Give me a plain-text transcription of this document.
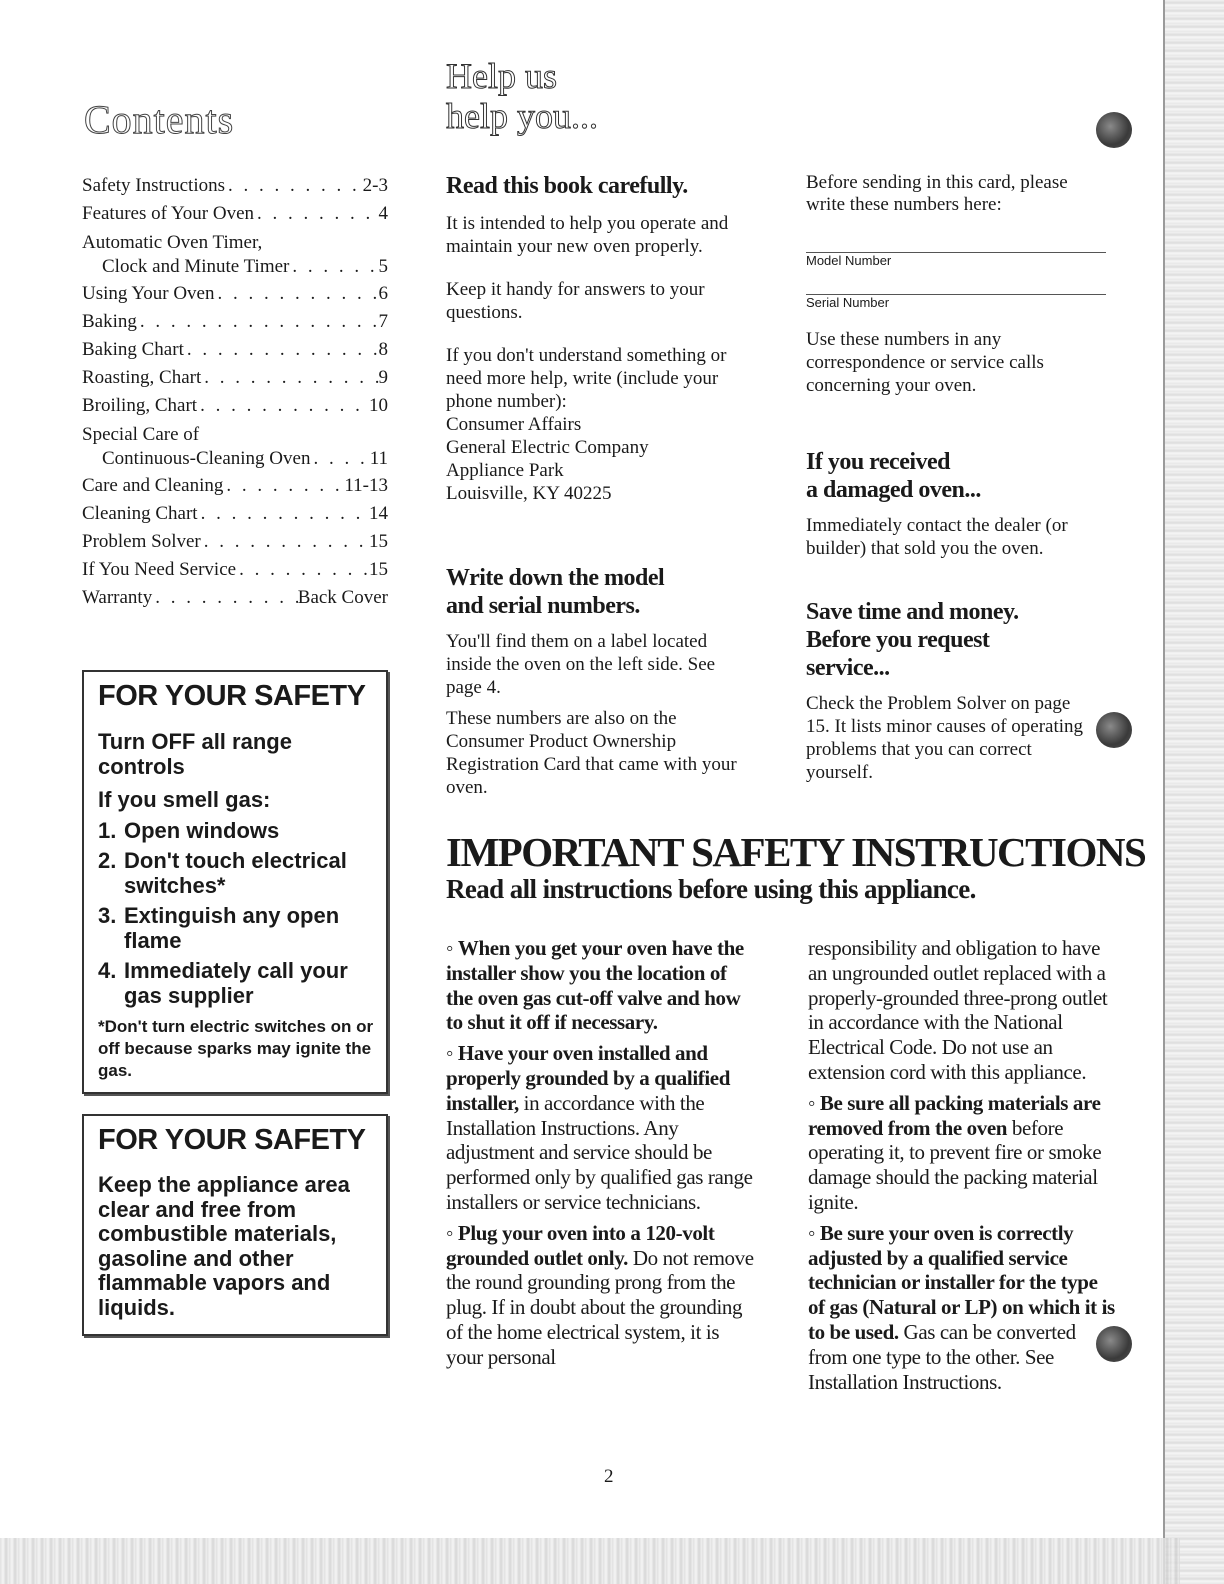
Contents
Safety Instructions . . .	2-3
Features of Your Oven . . .	4
Automatic Oven Timer,
Clock and Minute Timer . . .	5
Using Your Oven . . .	6
Baking . . .	7
Baking Chart . . .	8
Roasting, Chart . . .	9
Broiling, Chart . . .	10
Special Care of
Continuous-Cleaning Oven . . .	11
Care and Cleaning . . .	11-13
Cleaning Chart . . .	14
Problem Solver . . .	15
If You Need Service . . .	15
Warranty . . .	Back Cover
FOR YOUR SAFETY
Turn OFF all range controls
If you smell gas:
1. Open windows
2. Don't touch electrical switches*
3. Extinguish any open flame
4. Immediately call your gas supplier
*Don't turn electric switches on or off because sparks may ignite the gas.
FOR YOUR SAFETY
Keep the appliance area clear and free from combustible materials, gasoline and other flammable vapors and liquids.
Help us
help you...
Read this book carefully.
It is intended to help you operate and maintain your new oven properly.
Keep it handy for answers to your questions.
If you don't understand something or need more help, write (include your phone number):
Consumer Affairs
General Electric Company
Appliance Park
Louisville, KY 40225
Write down the model
and serial numbers.
You'll find them on a label located inside the oven on the left side. See page 4.
These numbers are also on the Consumer Product Ownership Registration Card that came with your oven.
Before sending in this card, please write these numbers here:
Model Number
Serial Number
Use these numbers in any correspondence or service calls concerning your oven.
If you received
a damaged oven...
Immediately contact the dealer (or builder) that sold you the oven.
Save time and money.
Before you request
service...
Check the Problem Solver on page 15. It lists minor causes of operating problems that you can correct yourself.
IMPORTANT SAFETY INSTRUCTIONS
Read all instructions before using this appliance.

◦ When you get your oven have the installer show you the location of the oven gas cut-off valve and how to shut it off if necessary.

◦ Have your oven installed and properly grounded by a qualified installer, in accordance with the Installation Instructions. Any adjustment and service should be performed only by qualified gas range installers or service technicians.

◦ Plug your oven into a 120-volt grounded outlet only. Do not remove the round grounding prong from the plug. If in doubt about the grounding of the home electrical system, it is your personal

responsibility and obligation to have an ungrounded outlet replaced with a properly-grounded three-prong outlet in accordance with the National Electrical Code. Do not use an extension cord with this appliance.

◦ Be sure all packing materials are removed from the oven before operating it, to prevent fire or smoke damage should the packing material ignite.

◦ Be sure your oven is correctly adjusted by a qualified service technician or installer for the type of gas (Natural or LP) on which it is to be used. Gas can be converted from one type to the other. See Installation Instructions.

2
